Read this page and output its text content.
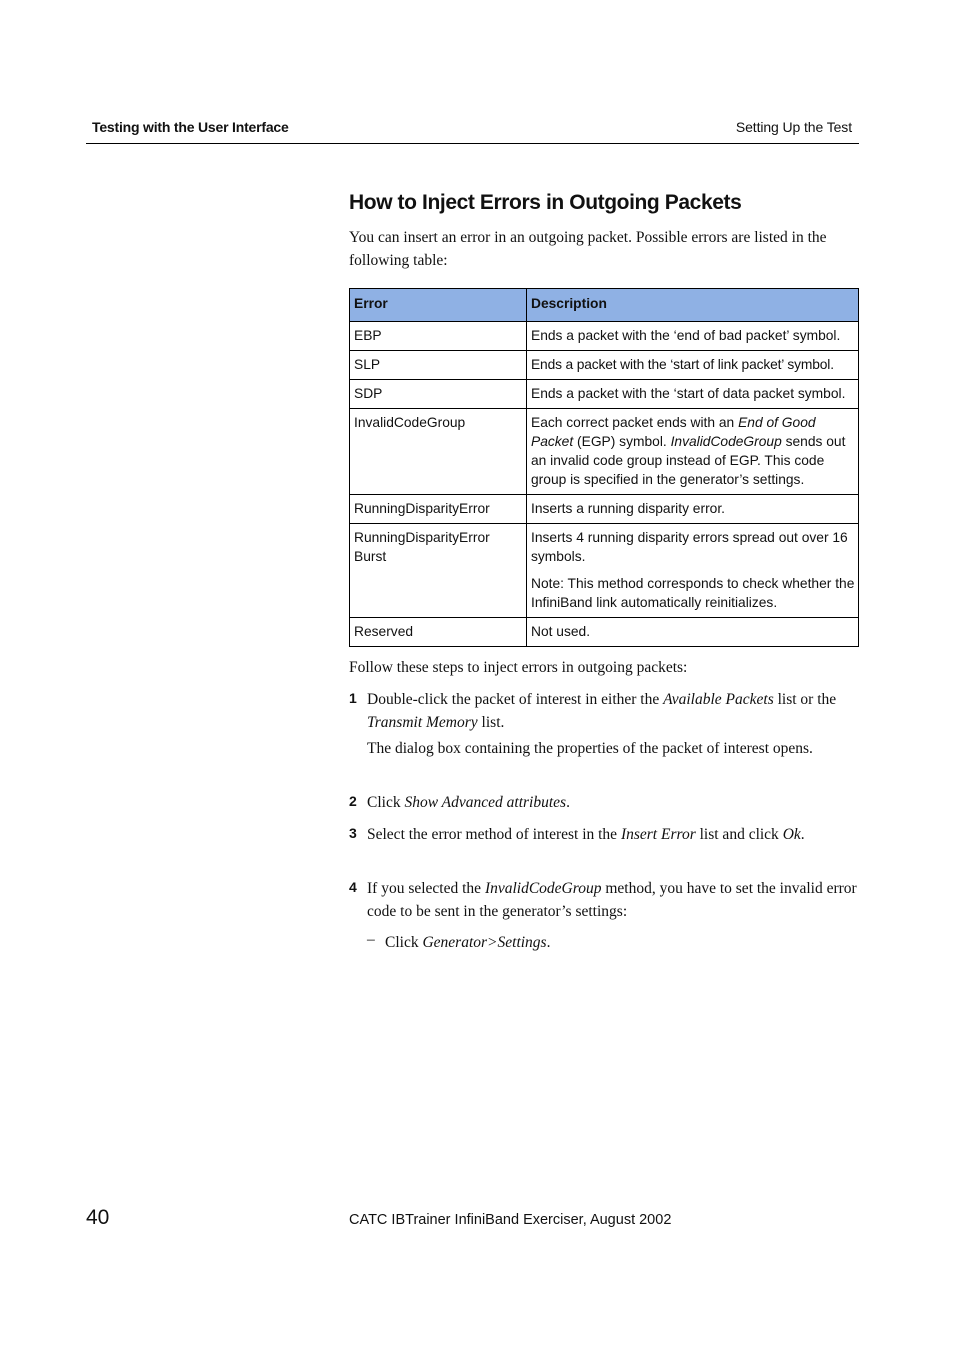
Testing with the User Interface	Setting Up the Test
How to Inject Errors in Outgoing Packets

You can insert an error in an outgoing packet. Possible errors are listed in the following table:

Error	Description
EBP	Ends a packet with the ‘end of bad packet’ symbol.
SLP	Ends a packet with the ‘start of link packet’ symbol.
SDP	Ends a packet with the ‘start of data packet symbol.
InvalidCodeGroup	Each correct packet ends with an End of Good Packet (EGP) symbol. InvalidCodeGroup sends out an invalid code group instead of EGP. This code group is specified in the generator’s settings.
RunningDisparityError	Inserts a running disparity error.
RunningDisparityError
Burst	Inserts 4 running disparity errors spread out over 16 symbols.
Note: This method corresponds to check whether the InfiniBand link automatically reinitializes.

Reserved	Not used.

Follow these steps to inject errors in outgoing packets:

1 Double-click the packet of interest in either the Available Packets list or the Transmit Memory list.

The dialog box containing the properties of the packet of interest opens.

2 Click Show Advanced attributes.

3 Select the error method of interest in the Insert Error list and click Ok.

4 If you selected the InvalidCodeGroup method, you have to set the invalid error code to be sent in the generator’s settings:

– Click Generator>Settings.
40	CATC IBTrainer InfiniBand Exerciser, August 2002
